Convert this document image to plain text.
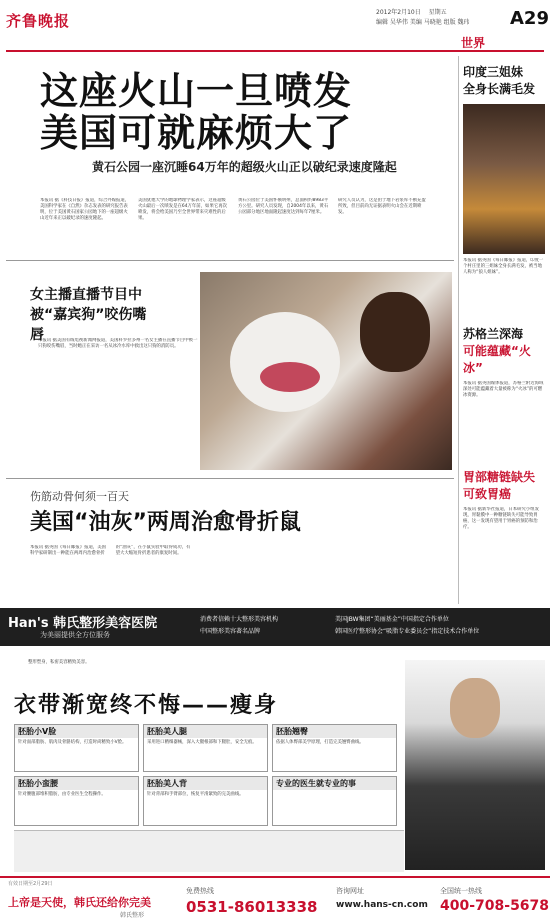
齐鲁晚报	2012年2月10日 星期五
编辑 吴华伟 美编 马晓艳 组版 魏玮	A29
世界
这座火山一旦喷发
美国可就麻烦大了
黄石公园一座沉睡64万年的超级火山正以破纪录速度隆起
本报讯 据《科技日报》报道，综合外媒报道，美国科学家在《自然》杂志发表的研究报告表明，位于美国黄石国家公园地下的一座超级火山近年来正以破纪录的速度隆起。
美国犹他大学的地球物理学家表示，这座超级火山最后一次喷发是在64万年前，如果它再次喷发，将会给美国乃至全世界带来灾难性的后果。
黄石公园位于美国怀俄明州，总面积约8983平方公里。研究人员发现，自2004年以来，黄石公园部分地区地面隆起速度达到每年7厘米。
研究人员认为，这是由于地下岩浆库不断充盈所致，但目前尚无证据表明火山会在近期喷发。
女主播直播节目中
被“嘉宾狗”咬伤嘴唇
本报讯 据美国有线电视新闻网报道，美国科罗拉多州一名女主播在直播节目中被一只狗咬伤嘴唇，当时她正在采访一名从冰冷水库中救出这只狗的消防员。
伤筋动骨何须一百天
美国“油灰”两周治愈骨折鼠
本报讯 据英国《每日邮报》报道，美国科学家研制出一种能在两周内治愈骨折的“油灰”，在小鼠实验中取得成功，有望大大缩短骨折患者的康复时间。
印度三姐妹
全身长满毛发
本报讯 据英国《每日邮报》报道，印度一个村庄里的三姐妹全身长满毛发，被当地人称为“狼人姐妹”。
苏格兰深海
可能蕴藏“火冰”
本报讯 据英国媒体报道，苏格兰附近海域深处可能蕴藏着大量被称为“火冰”的可燃冰资源。
胃部糖链缺失
可致胃癌
本报讯 据新华社报道，日本研究小组发现，胃黏膜中一种糖链缺失可能导致胃癌，这一发现有望用于胃癌的预防和治疗。
Han's 韩氏整形美容医院
为美丽提供全方位服务
消费者信赖十大整形美容机构
中国整形美容著名品牌
美国JBW集团“美丽基金”中国指定合作单位
韩国医疗整形协会“吸脂专业委员会”指定技术合作单位
整形塑身，私密美容精致美容。
衣带渐宽终不悔——瘦身
胚胎小V脸
针对面部脂肪、肌肉及骨骼结构，打造时尚精致小V脸。
胚胎美人腿
采用进口精细器械，深入大腿根部和下腿肚，安全无痕。
胚胎翘臀
依据人体臀部美学原理，打造完美翘臀曲线。
胚胎小蛮腰
针对腰腹部堆积脂肪，由专业医生全程操作。
胚胎美人背
针对背部和手臂部位，恢复平滑紧致的完美曲线。
专业的医生就专业的事
上帝是天使，韩氏还给你完美
韩氏整形
免费热线
0531-86013338
咨询网址
www.hans-cn.com
全国统一热线
400-708-5678
有效日期至2月29日
